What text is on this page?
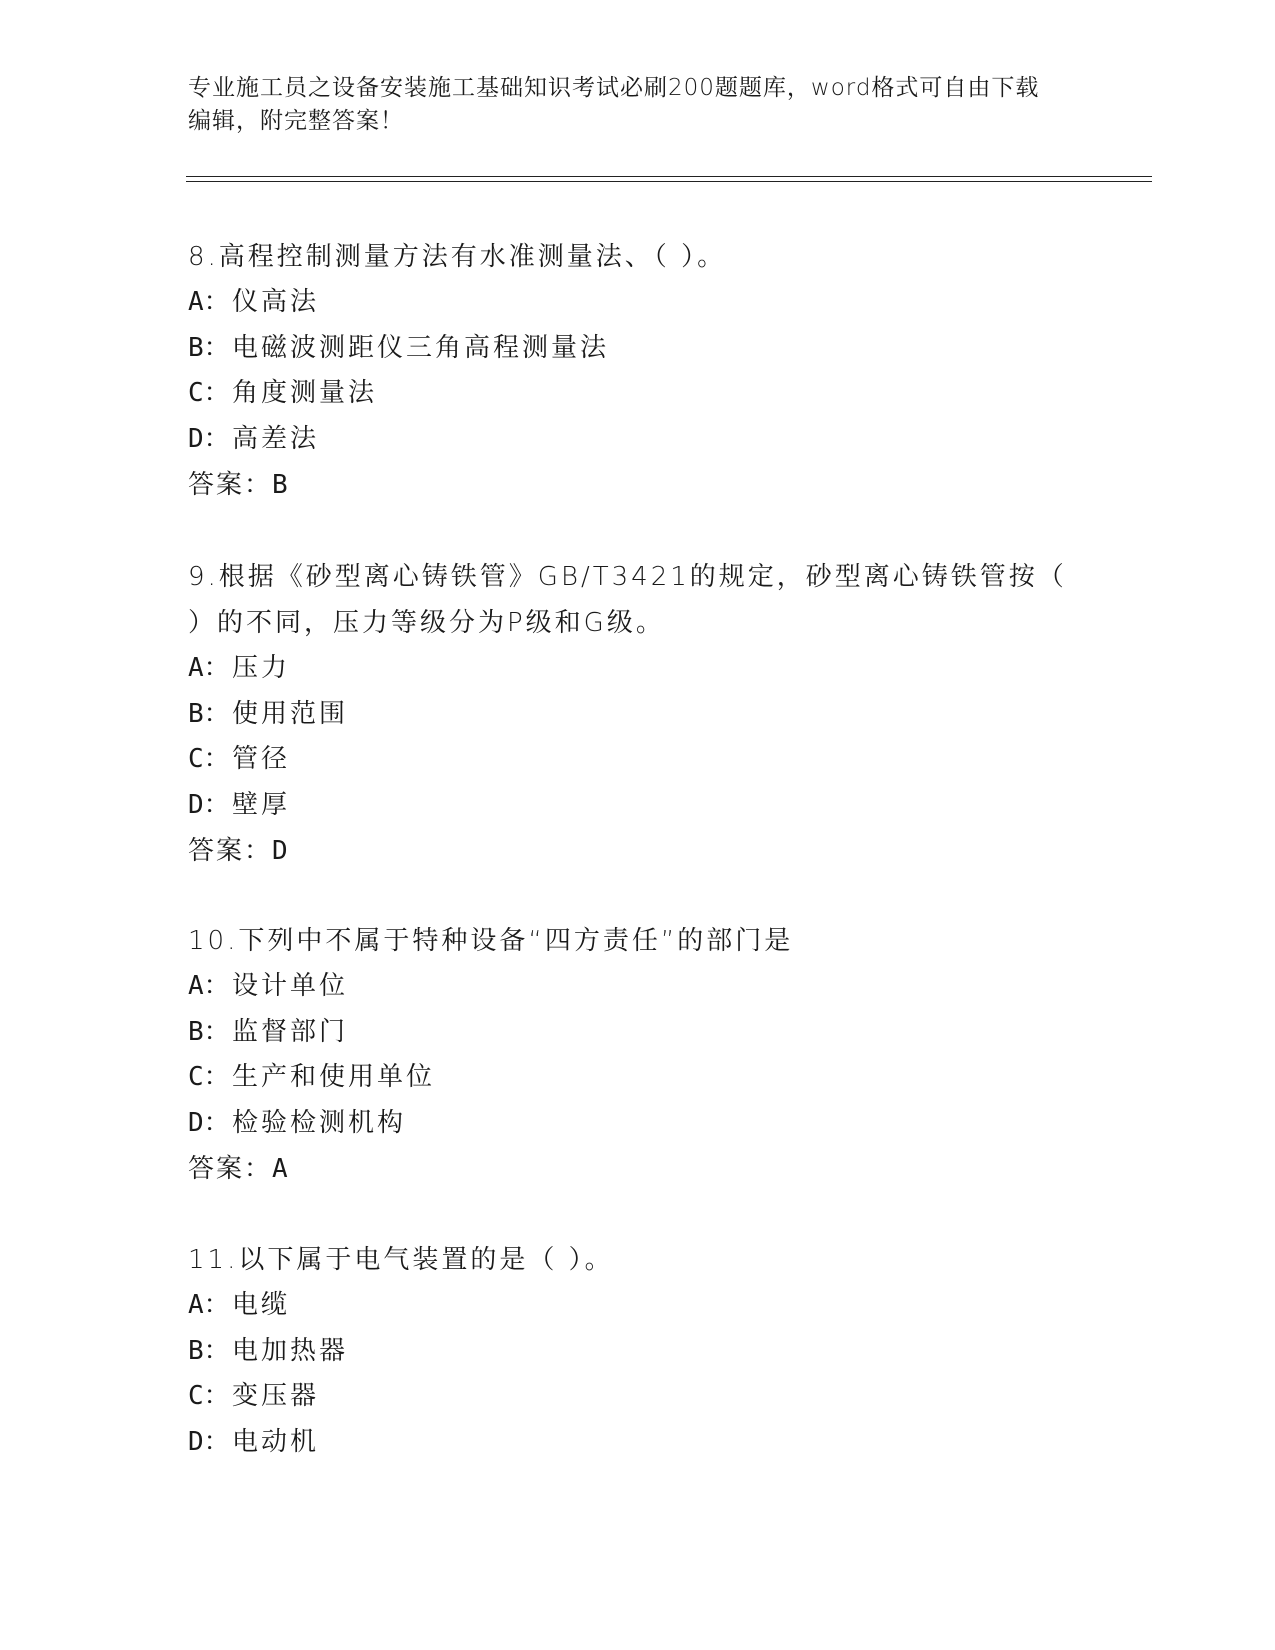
专业施工员之设备安装施工基础知识考试必刷200题题库，word格式可自由下载
编辑，附完整答案！

8.高程控制测量方法有水准测量法、（ ）。

A：仪高法

B：电磁波测距仪三角高程测量法

C：角度测量法

D：高差法

答案：B

9.根据《砂型离心铸铁管》GB/T3421的规定，砂型离心铸铁管按（ ）的不同，压力等级分为P级和G级。

A：压力

B：使用范围

C：管径

D：壁厚

答案：D

10.下列中不属于特种设备“四方责任”的部门是

A：设计单位

B：监督部门

C：生产和使用单位

D：检验检测机构

答案：A

11.以下属于电气装置的是（ ）。

A：电缆

B：电加热器

C：变压器

D：电动机
